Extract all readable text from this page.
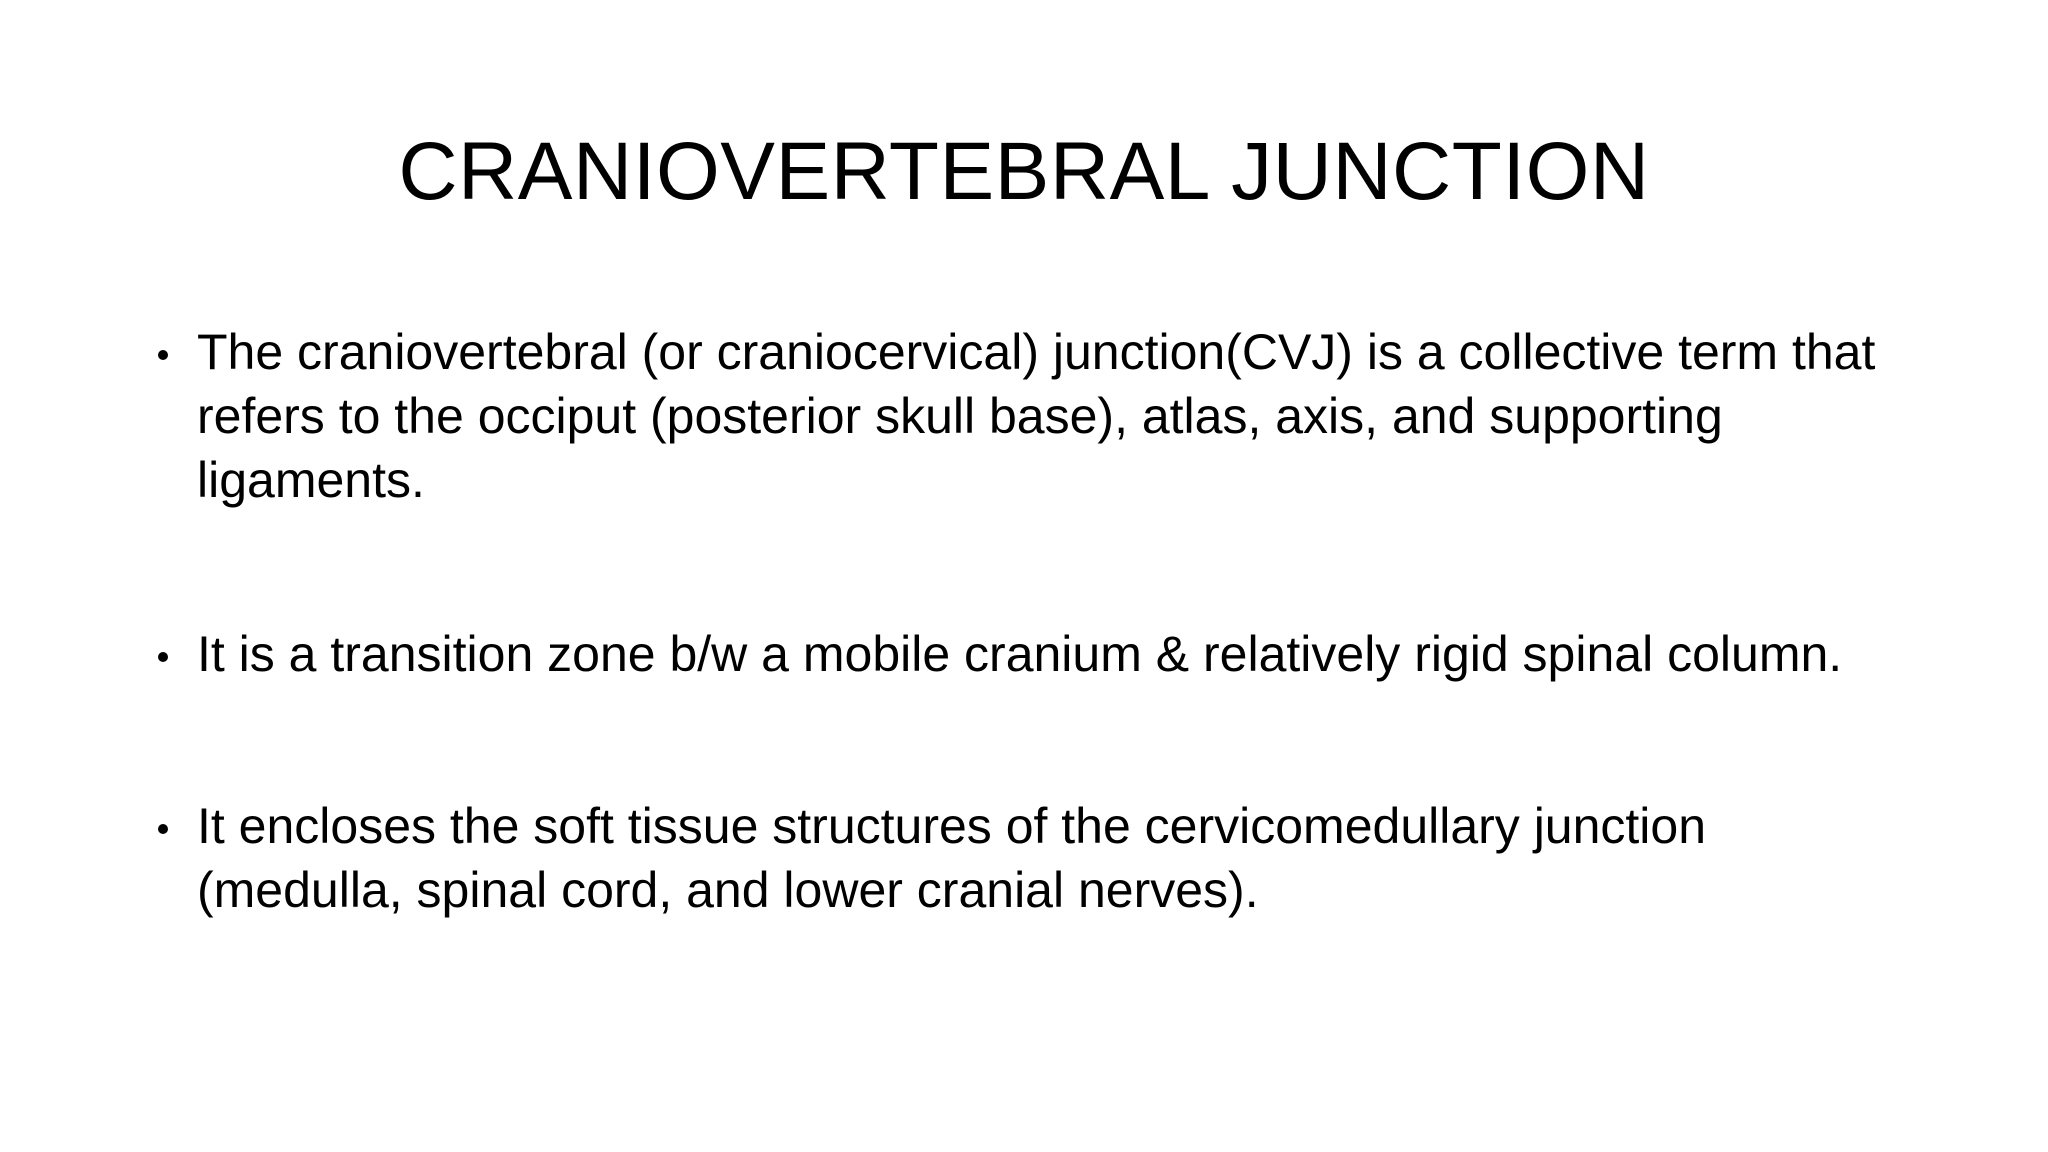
CRANIOVERTEBRAL JUNCTION
The craniovertebral (or craniocervical) junction(CVJ) is a collective term that refers to the occiput (posterior skull base), atlas, axis, and supporting ligaments.
It is a transition zone b/w a mobile cranium & relatively rigid spinal column.
It encloses the soft tissue structures of the cervicomedullary junction (medulla, spinal cord, and lower cranial nerves).
